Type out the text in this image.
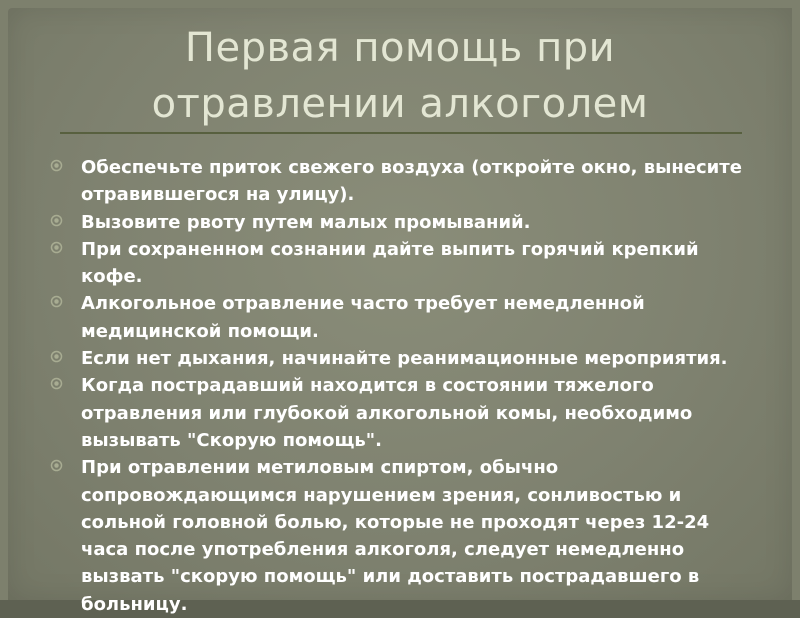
Первая помощь при
отравлении алкоголем
Обеспечьте приток свежего воздуха (откройте окно, вынесите отравившегося на улицу).
Вызовите рвоту путем малых промываний.
При сохраненном сознании дайте выпить горячий крепкий кофе.
Алкогольное отравление часто требует немедленной медицинской помощи.
Если нет дыхания, начинайте реанимационные мероприятия.
Когда пострадавший находится в состоянии тяжелого отравления или глубокой алкогольной комы, необходимо вызывать "Скорую помощь".
При отравлении метиловым спиртом, обычно сопровождающимся нарушением зрения, сонливостью и сольной головной болью, которые не проходят через 12-24 часа после употребления алкоголя, следует немедленно вызвать "скорую помощь" или доставить пострадавшего в больницу.
